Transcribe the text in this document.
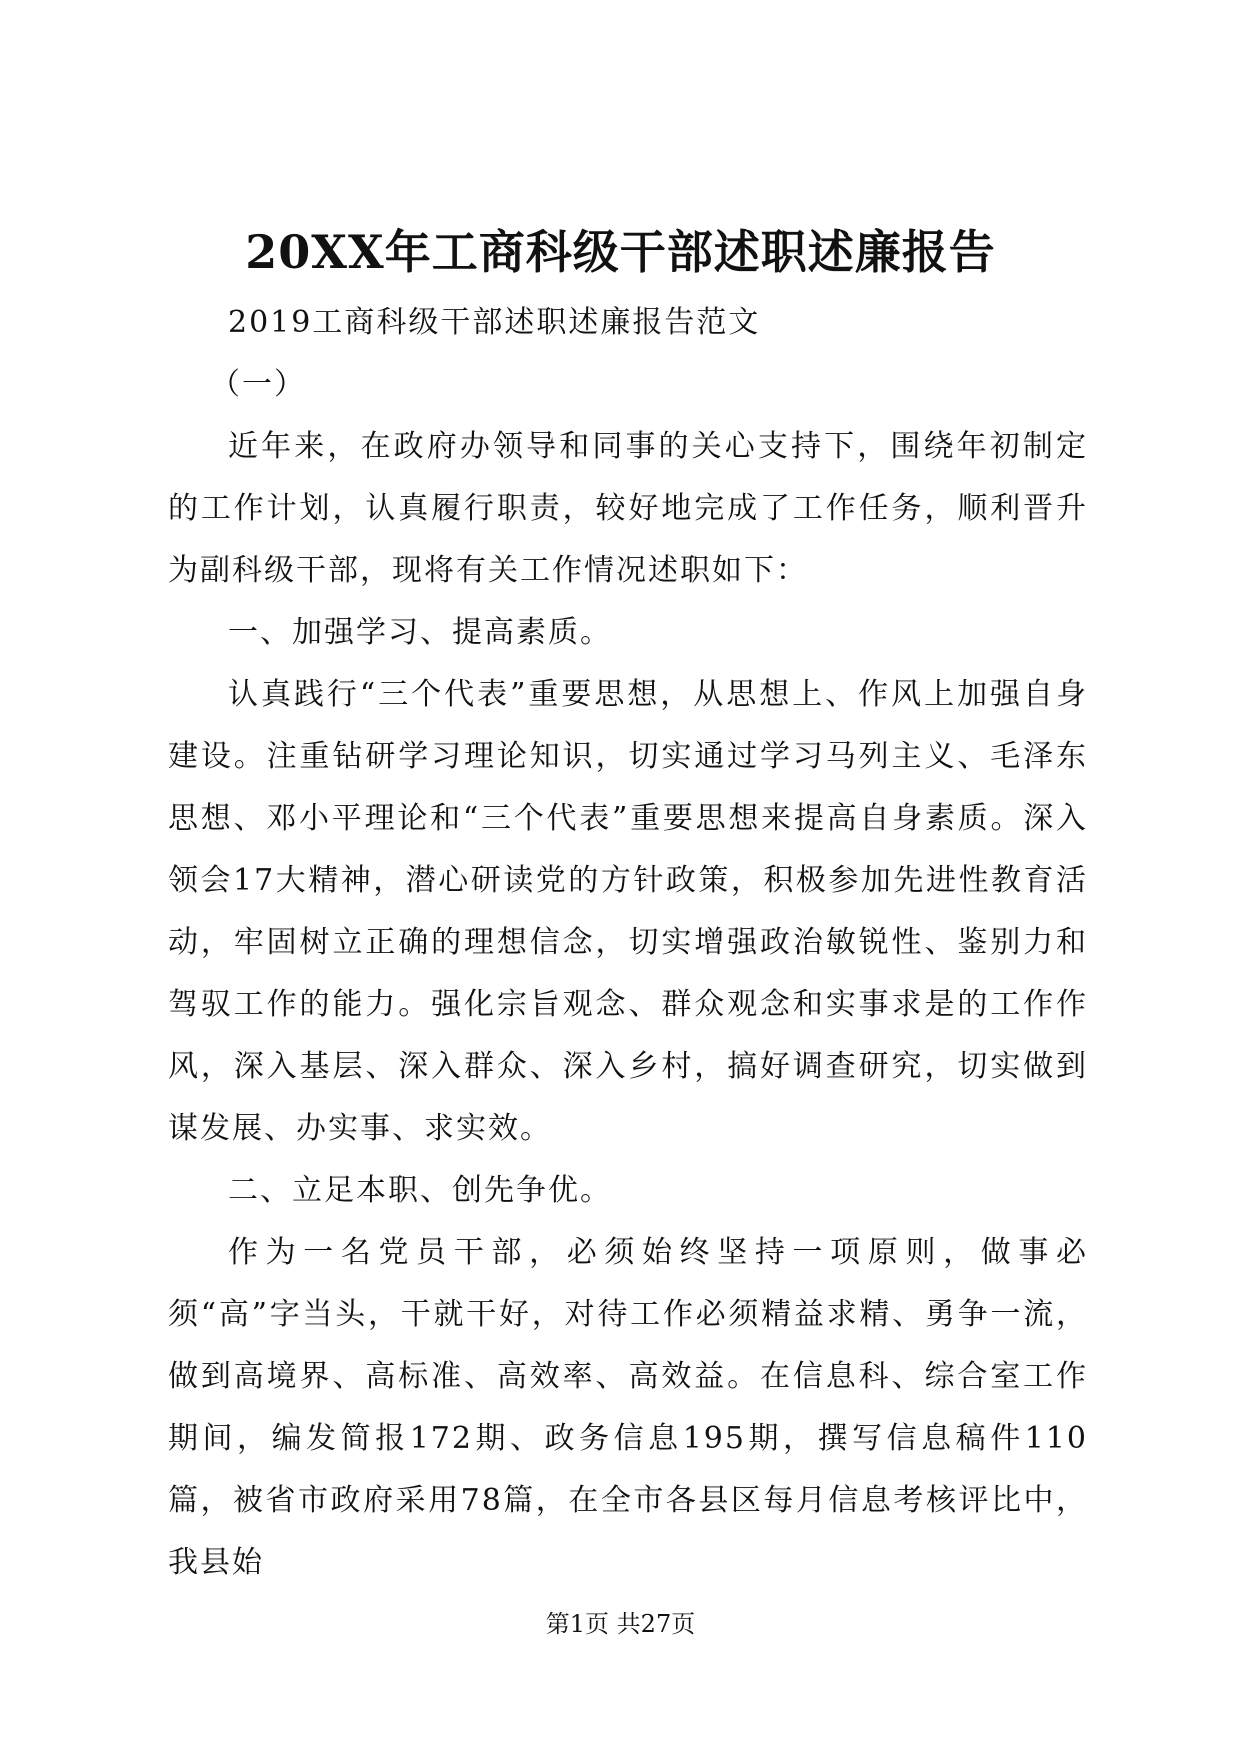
20XX年工商科级干部述职述廉报告

2019工商科级干部述职述廉报告范文

（一）

近年来，在政府办领导和同事的关心支持下，围绕年初制定的工作计划，认真履行职责，较好地完成了工作任务，顺利晋升为副科级干部，现将有关工作情况述职如下：

一、加强学习、提高素质。

认真践行“三个代表”重要思想，从思想上、作风上加强自身建设。注重钻研学习理论知识，切实通过学习马列主义、毛泽东思想、邓小平理论和“三个代表”重要思想来提高自身素质。深入领会17大精神，潜心研读党的方针政策，积极参加先进性教育活动，牢固树立正确的理想信念，切实增强政治敏锐性、鉴别力和驾驭工作的能力。强化宗旨观念、群众观念和实事求是的工作作风，深入基层、深入群众、深入乡村，搞好调查研究，切实做到谋发展、办实事、求实效。

二、立足本职、创先争优。

作为一名党员干部，必须始终坚持一项原则，做事必须“高”字当头，干就干好，对待工作必须精益求精、勇争一流，做到高境界、高标准、高效率、高效益。在信息科、综合室工作期间，编发简报172期、政务信息195期，撰写信息稿件110篇，被省市政府采用78篇，在全市各县区每月信息考核评比中，我县始

第1页 共27页
